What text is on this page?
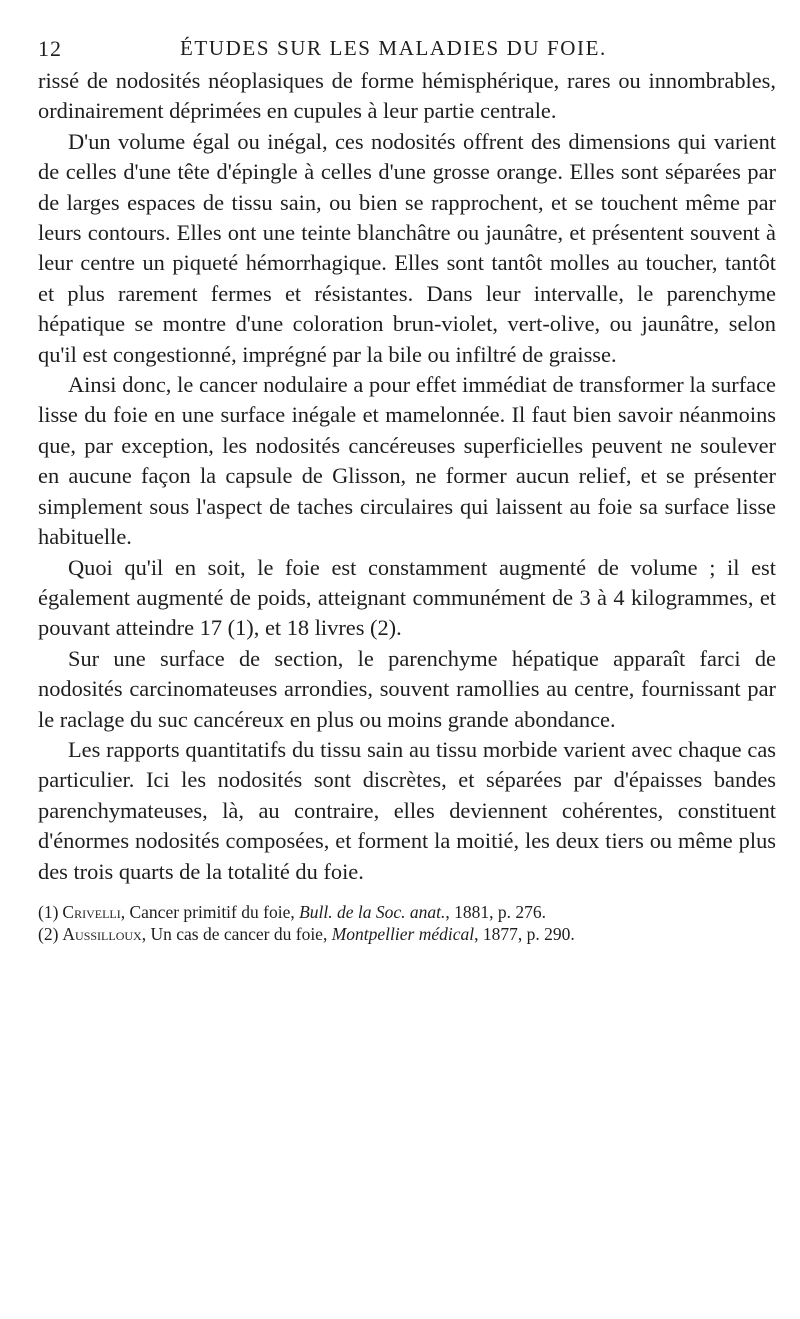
12	ÉTUDES SUR LES MALADIES DU FOIE.

rissé de nodosités néoplasiques de forme hémisphérique, rares ou innombrables, ordinairement déprimées en cupules à leur partie centrale.

D'un volume égal ou inégal, ces nodosités offrent des dimensions qui varient de celles d'une tête d'épingle à celles d'une grosse orange. Elles sont séparées par de larges espaces de tissu sain, ou bien se rapprochent, et se touchent même par leurs contours. Elles ont une teinte blanchâtre ou jaunâtre, et présentent souvent à leur centre un piqueté hémorrhagique. Elles sont tantôt molles au toucher, tantôt et plus rarement fermes et résistantes. Dans leur intervalle, le parenchyme hépatique se montre d'une coloration brun-violet, vert-olive, ou jaunâtre, selon qu'il est congestionné, imprégné par la bile ou infiltré de graisse.

Ainsi donc, le cancer nodulaire a pour effet immédiat de transformer la surface lisse du foie en une surface inégale et mamelonnée. Il faut bien savoir néanmoins que, par exception, les nodosités cancéreuses superficielles peuvent ne soulever en aucune façon la capsule de Glisson, ne former aucun relief, et se présenter simplement sous l'aspect de taches circulaires qui laissent au foie sa surface lisse habituelle.

Quoi qu'il en soit, le foie est constamment augmenté de volume ; il est également augmenté de poids, atteignant communément de 3 à 4 kilogrammes, et pouvant atteindre 17 (1), et 18 livres (2).

Sur une surface de section, le parenchyme hépatique apparaît farci de nodosités carcinomateuses arrondies, souvent ramollies au centre, fournissant par le raclage du suc cancéreux en plus ou moins grande abondance.

Les rapports quantitatifs du tissu sain au tissu morbide varient avec chaque cas particulier. Ici les nodosités sont discrètes, et séparées par d'épaisses bandes parenchymateuses, là, au contraire, elles deviennent cohérentes, constituent d'énormes nodosités composées, et forment la moitié, les deux tiers ou même plus des trois quarts de la totalité du foie.

(1) Crivelli, Cancer primitif du foie, Bull. de la Soc. anat., 1881, p. 276.

(2) Aussilloux, Un cas de cancer du foie, Montpellier médical, 1877, p. 290.
